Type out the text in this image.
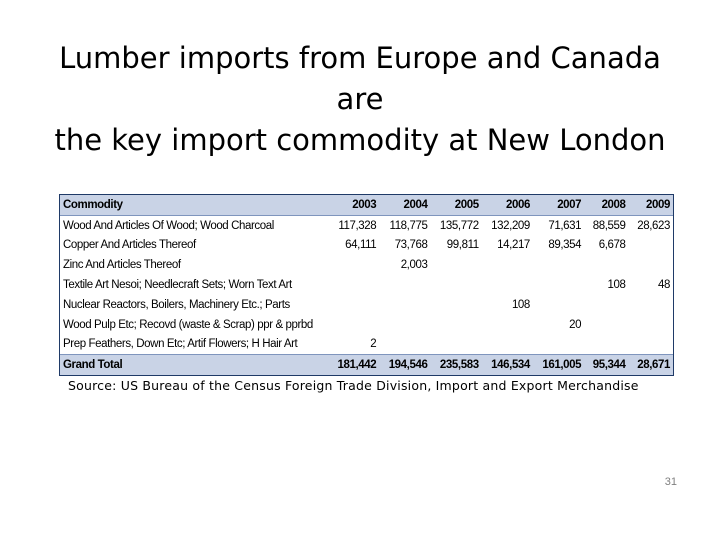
Lumber imports from Europe and Canada are
the key import commodity at New London
Commodity	2003	2004	2005	2006	2007	2008	2009
Wood And Articles Of Wood; Wood Charcoal	117,328	118,775	135,772	132,209	71,631	88,559	28,623
Copper And Articles Thereof	64,111	73,768	99,811	14,217	89,354	6,678	
Zinc And Articles Thereof		2,003					
Textile Art Nesoi; Needlecraft Sets; Worn Text Art						108	48
Nuclear Reactors, Boilers, Machinery Etc.; Parts				108			
Wood Pulp Etc; Recovd (waste & Scrap) ppr & pprbd					20		
Prep Feathers, Down Etc; Artif Flowers; H Hair Art	2						
Grand Total	181,442	194,546	235,583	146,534	161,005	95,344	28,671
Source: US Bureau of the Census Foreign Trade Division, Import and Export Merchandise
31
